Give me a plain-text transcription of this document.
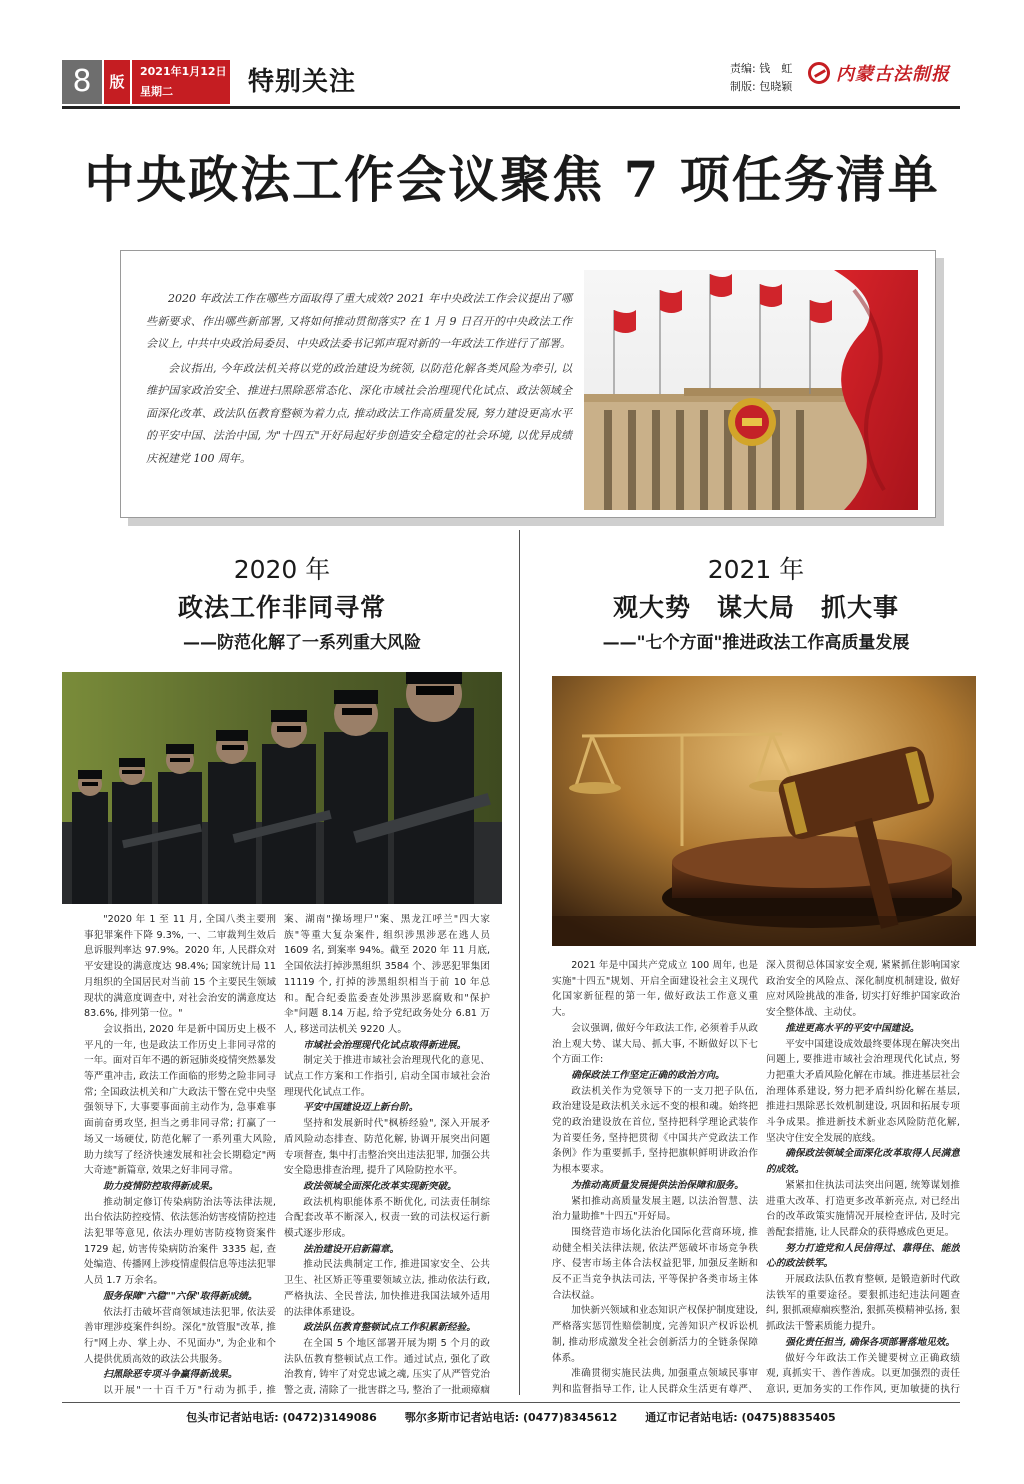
8	版
2021年1月12日
星期二	特别关注	责编: 钱　虹
制版: 包晓颖
内蒙古法制报
中央政法工作会议聚焦 7 项任务清单

2020 年政法工作在哪些方面取得了重大成效? 2021 年中央政法工作会议提出了哪些新要求、作出哪些新部署, 又将如何推动贯彻落实? 在 1 月 9 日召开的中央政法工作会议上, 中共中央政治局委员、中央政法委书记郭声琨对新的一年政法工作进行了部署。

会议指出, 今年政法机关将以党的政治建设为统领, 以防范化解各类风险为牵引, 以维护国家政治安全、推进扫黑除恶常态化、深化市域社会治理现代化试点、政法领域全面深化改革、政法队伍教育整顿为着力点, 推动政法工作高质量发展, 努力建设更高水平的平安中国、法治中国, 为"十四五"开好局起好步创造安全稳定的社会环境, 以优异成绩庆祝建党 100 周年。

2020 年
政法工作非同寻常
——防范化解了一系列重大风险

"2020 年 1 至 11 月, 全国八类主要刑事犯罪案件下降 9.3%, 一、二审裁判生效后息诉服判率达 97.9%。2020 年, 人民群众对平安建设的满意度达 98.4%; 国家统计局 11 月组织的全国居民对当前 15 个主要民生领域现状的满意度调查中, 对社会治安的满意度达 83.6%, 排列第一位。"

会议指出, 2020 年是新中国历史上极不平凡的一年, 也是政法工作历史上非同寻常的一年。面对百年不遇的新冠肺炎疫情突然暴发等严重冲击, 政法工作面临的形势之险非同寻常; 全国政法机关和广大政法干警在党中央坚强领导下, 大事要事面前主动作为, 急事难事面前奋勇攻坚, 担当之勇非同寻常; 打赢了一场又一场硬仗, 防范化解了一系列重大风险, 助力续写了经济快速发展和社会长期稳定"两大奇迹"新篇章, 效果之好非同寻常。

助力疫情防控取得新成果。

推动制定修订传染病防治法等法律法规, 出台依法防控疫情、依法惩治妨害疫情防控违法犯罪等意见, 依法办理妨害防疫物资案件 1729 起, 妨害传染病防治案件 3335 起, 查处编造、传播网上涉疫情虚假信息等违法犯罪人员 1.7 万余名。

服务保障"六稳""六保"取得新成绩。

依法打击破坏营商领域违法犯罪, 依法妥善审理涉疫案件纠纷。深化"放管服"改革, 推行"网上办、掌上办、不见面办", 为企业和个人提供优质高效的政法公共服务。

扫黑除恶专项斗争赢得新战果。

以开展"一十百千万"行动为抓手, 推

案、湖南"操场埋尸"案、黑龙江呼兰"四大家族"等重大复杂案件, 组织涉黑涉恶在逃人员 1609 名, 到案率 94%。截至 2020 年 11 月底, 全国依法打掉涉黑组织 3584 个、涉恶犯罪集团 11119 个, 打掉的涉黑组织相当于前 10 年总和。配合纪委监委查处涉黑涉恶腐败和"保护伞"问题 8.14 万起, 给予党纪政务处分 6.81 万人, 移送司法机关 9220 人。

市域社会治理现代化试点取得新进展。

制定关于推进市域社会治理现代化的意见、试点工作方案和工作指引, 启动全国市域社会治理现代化试点工作。

平安中国建设迈上新台阶。

坚持和发展新时代"枫桥经验", 深入开展矛盾风险动态排查、防范化解, 协调开展突出问题专项督查, 集中打击整治突出违法犯罪, 加强公共安全隐患排查治理, 提升了风险防控水平。

政法领域全面深化改革实现新突破。

政法机构职能体系不断优化, 司法责任制综合配套改革不断深入, 权责一致的司法权运行新模式逐步形成。

法治建设开启新篇章。

推动民法典制定工作, 推进国家安全、公共卫生、社区矫正等重要领域立法, 推动依法行政, 严格执法、全民普法, 加快推进我国法域外适用的法律体系建设。

政法队伍教育整顿试点工作积累新经验。

在全国 5 个地区部署开展为期 5 个月的政法队伍教育整顿试点工作。通过试点, 强化了政治教育, 铸牢了对党忠诚之魂, 压实了从严管党治警之责, 清除了一批害群之马, 整治了一批顽瘴痼

2021 年
观大势　谋大局　抓大事
——"七个方面"推进政法工作高质量发展

2021 年是中国共产党成立 100 周年, 也是实施"十四五"规划、开启全面建设社会主义现代化国家新征程的第一年, 做好政法工作意义重大。

会议强调, 做好今年政法工作, 必须着手从政治上观大势、谋大局、抓大事, 不断做好以下七个方面工作:

确保政法工作坚定正确的政治方向。

政法机关作为党领导下的一支刀把子队伍, 政治建设是政法机关永远不变的根和魂。始终把党的政治建设放在首位, 坚持把科学理论武装作为首要任务, 坚持把贯彻《中国共产党政法工作条例》作为重要抓手, 坚持把旗帜鲜明讲政治作为根本要求。

为推动高质量发展提供法治保障和服务。

紧扣推动高质量发展主题, 以法治智慧、法治力量助推"十四五"开好局。

围绕营造市场化法治化国际化营商环境, 推动健全相关法律法规, 依法严惩破坏市场竞争秩序、侵害市场主体合法权益犯罪, 加强反垄断和反不正当竞争执法司法, 平等保护各类市场主体合法权益。

加快新兴领域和业态知识产权保护制度建设, 严格落实惩罚性赔偿制度, 完善知识产权诉讼机制, 推动形成激发全社会创新活力的全链条保障体系。

准确贯彻实施民法典, 加强重点领域民事审判和监督指导工作, 让人民群众生活更有尊严、

深入贯彻总体国家安全观, 紧紧抓住影响国家政治安全的风险点、深化制度机制建设, 做好应对风险挑战的准备, 切实打好维护国家政治安全整体战、主动仗。

推进更高水平的平安中国建设。

平安中国建设成效最终要体现在解决突出问题上, 要推进市域社会治理现代化试点, 努力把重大矛盾风险化解在市域。推进基层社会治理体系建设, 努力把矛盾纠纷化解在基层, 推进扫黑除恶长效机制建设, 巩固和拓展专项斗争成果。推进新技术新业态风险防范化解, 坚决守住安全发展的底线。

确保政法领域全面深化改革取得人民满意的成效。

紧紧扣住执法司法突出问题, 统筹谋划推进重大改革、打造更多改革新亮点, 对已经出台的改革政策实施情况开展检查评估, 及时完善配套措施, 让人民群众的获得感成色更足。

努力打造党和人民信得过、靠得住、能放心的政法铁军。

开展政法队伍教育整顿, 是锻造新时代政法铁军的重要途径。要狠抓违纪违法问题查纠, 狠抓顽瘴痼疾整治, 狠抓英模精神弘扬, 狠抓政法干警素质能力提升。

强化责任担当, 确保各项部署落地见效。

做好今年政法工作关键要树立正确政绩观, 真抓实干、善作善成。以更加强烈的责任意识, 更加务实的工作作风, 更加敏捷的执行

包头市记者站电话: (0472)3149086	鄂尔多斯市记者站电话: (0477)8345612	通辽市记者站电话: (0475)8835405
